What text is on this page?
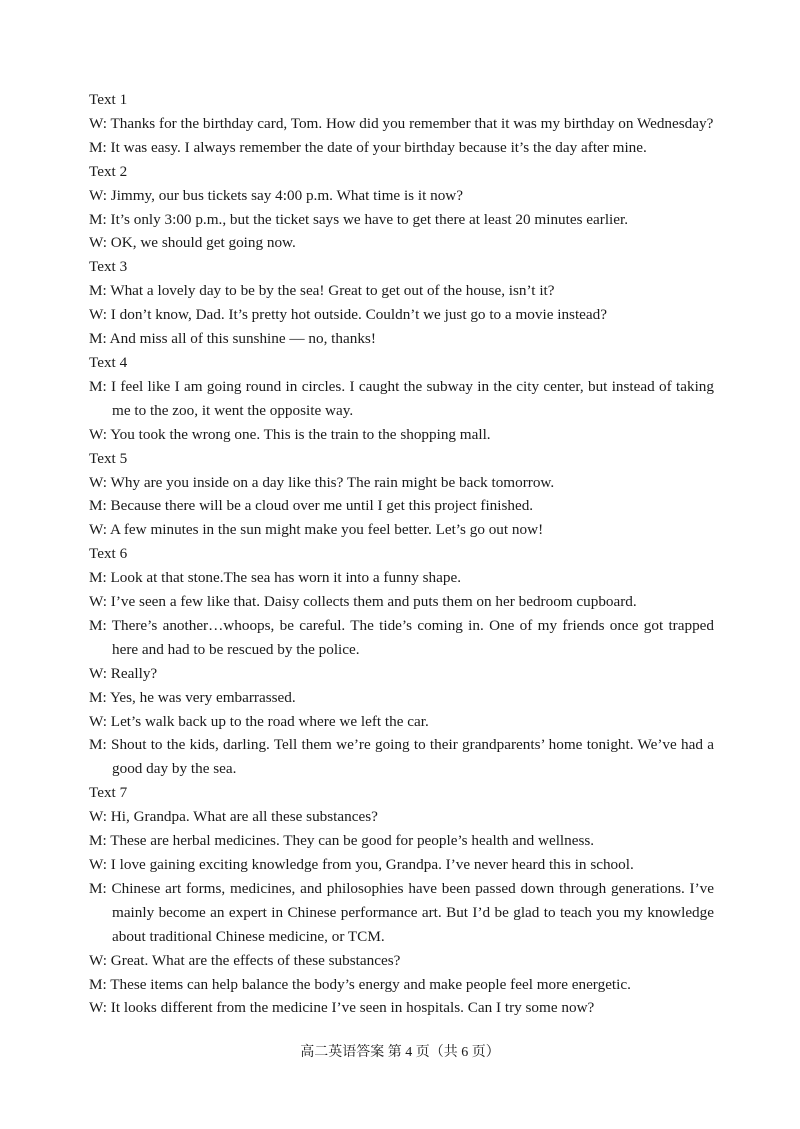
Text 1
W: Thanks for the birthday card, Tom. How did you remember that it was my birthday on Wednesday?
M: It was easy. I always remember the date of your birthday because it’s the day after mine.
Text 2
W: Jimmy, our bus tickets say 4:00 p.m. What time is it now?
M: It’s only 3:00 p.m., but the ticket says we have to get there at least 20 minutes earlier.
W: OK, we should get going now.
Text 3
M: What a lovely day to be by the sea! Great to get out of the house, isn’t it?
W: I don’t know, Dad. It’s pretty hot outside. Couldn’t we just go to a movie instead?
M: And miss all of this sunshine — no, thanks!
Text 4
M: I feel like I am going round in circles. I caught the subway in the city center, but instead of taking me to the zoo, it went the opposite way.
W: You took the wrong one. This is the train to the shopping mall.
Text 5
W: Why are you inside on a day like this? The rain might be back tomorrow.
M: Because there will be a cloud over me until I get this project finished.
W: A few minutes in the sun might make you feel better. Let’s go out now!
Text 6
M: Look at that stone.The sea has worn it into a funny shape.
W: I’ve seen a few like that. Daisy collects them and puts them on her bedroom cupboard.
M: There’s another…whoops, be careful. The tide’s coming in. One of my friends once got trapped here and had to be rescued by the police.
W: Really?
M: Yes, he was very embarrassed.
W: Let’s walk back up to the road where we left the car.
M: Shout to the kids, darling. Tell them we’re going to their grandparents’ home tonight. We’ve had a good day by the sea.
Text 7
W: Hi, Grandpa. What are all these substances?
M: These are herbal medicines. They can be good for people’s health and wellness.
W: I love gaining exciting knowledge from you, Grandpa. I’ve never heard this in school.
M: Chinese art forms, medicines, and philosophies have been passed down through generations. I’ve mainly become an expert in Chinese performance art. But I’d be glad to teach you my knowledge about traditional Chinese medicine, or TCM.
W: Great. What are the effects of these substances?
M: These items can help balance the body’s energy and make people feel more energetic.
W: It looks different from the medicine I’ve seen in hospitals. Can I try some now?
高二英语答案 第 4 页（共 6 页）
